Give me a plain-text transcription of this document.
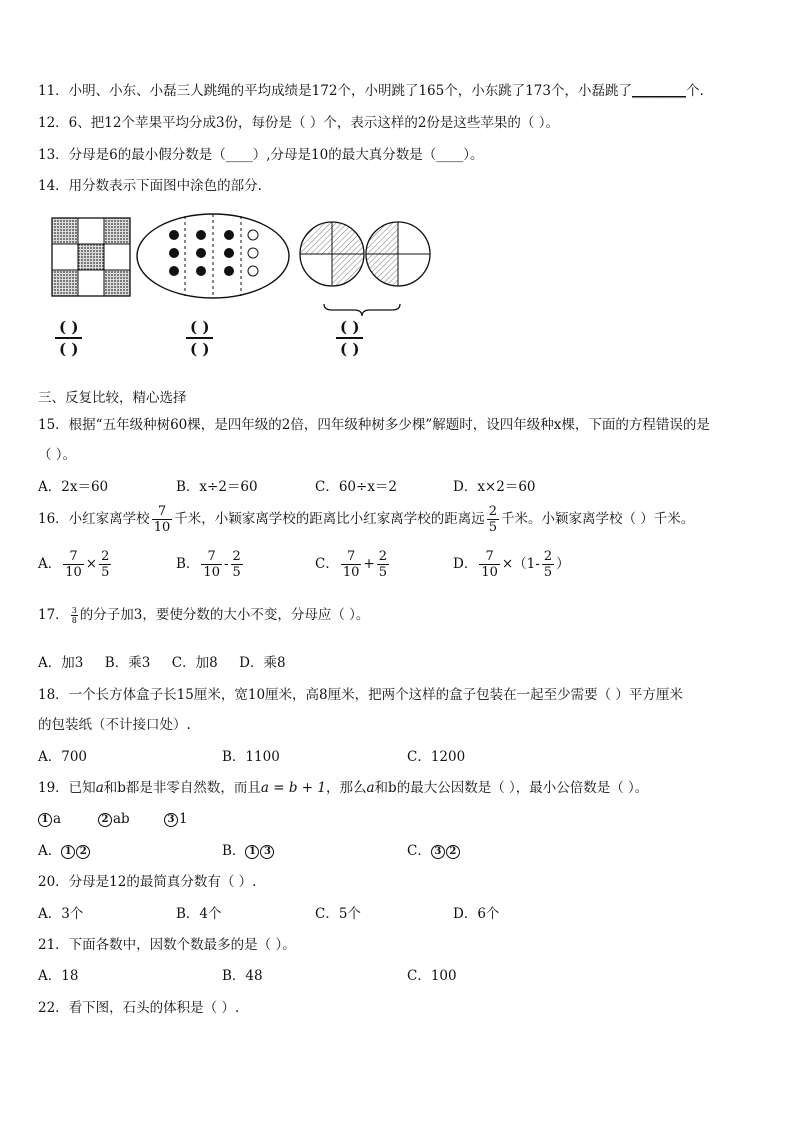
11．小明、小东、小磊三人跳绳的平均成绩是172个，小明跳了165个，小东跳了173个，小磊跳了________个.
12．6、把12个苹果平均分成3份，每份是（ ）个，表示这样的2份是这些苹果的（ ）。
13．分母是6的最小假分数是（____）,分母是10的最大真分数是（____）。
14．用分数表示下面图中涂色的部分.
( )
( )
( )
( )
( )
( )
三、反复比较，精心选择
15．根据“五年级种树60棵，是四年级的2倍，四年级种树多少棵”解题时，设四年级种x棵，下面的方程错误的是
（ ）。
A．2x＝60	B．x÷2＝60	C．60÷x＝2	D．x×2＝60
16．小红家离学校 $\frac{7}{10}$ 千米，小颖家离学校的距离比小红家离学校的距离远 $\frac{2}{5}$ 千米。小颖家离学校（ ）千米。
A． $\frac{7}{10} \times \frac{2}{5}$	B． $\frac{7}{10} - \frac{2}{5}$	C． $\frac{7}{10} + \frac{2}{5}$	D． $\frac{7}{10} \times(1- \frac{2}{5}$ ）
17． $\frac{3}{8}$ 的分子加3，要使分数的大小不变，分母应（ ）。
A．加3     B．乘3     C．加8     D．乘8
18．一个长方体盒子长15厘米，宽10厘米，高8厘米，把两个这样的盒子包装在一起至少需要（ ）平方厘米
的包装纸（不计接口处）.
A．700	B．1100	C．1200
19．已知a和b都是非零自然数，而且a = b + 1，那么a和b的最大公因数是（ ），最小公倍数是（ ）。
1 a	2 ab	3 1
A． 1 2	B． 1 3	C． 3 2
20．分母是12的最简真分数有（ ）.
A．3个	B．4个	C．5个	D．6个
21．下面各数中，因数个数最多的是（ ）。
A．18	B．48	C．100
22．看下图，石头的体积是（ ）.
